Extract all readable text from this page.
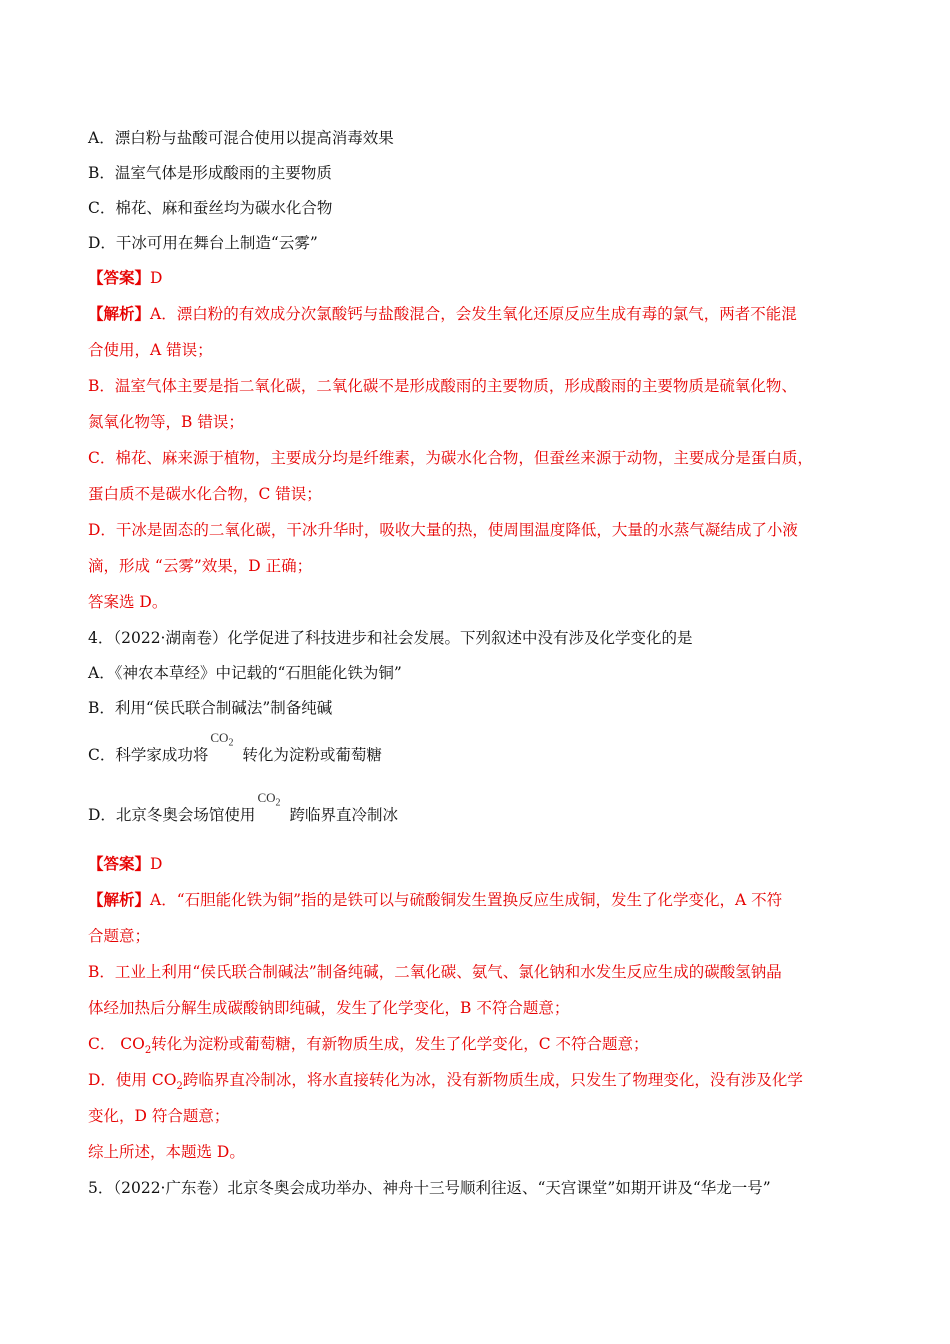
A．漂白粉与盐酸可混合使用以提高消毒效果
B．温室气体是形成酸雨的主要物质
C．棉花、麻和蚕丝均为碳水化合物
D．干冰可用在舞台上制造“云雾”
【答案】D
【解析】A．漂白粉的有效成分次氯酸钙与盐酸混合，会发生氧化还原反应生成有毒的氯气，两者不能混
合使用，A 错误；
B．温室气体主要是指二氧化碳，二氧化碳不是形成酸雨的主要物质，形成酸雨的主要物质是硫氧化物、
氮氧化物等，B 错误；
C．棉花、麻来源于植物，主要成分均是纤维素，为碳水化合物，但蚕丝来源于动物，主要成分是蛋白质，
蛋白质不是碳水化合物，C 错误；
D．干冰是固态的二氧化碳，干冰升华时，吸收大量的热，使周围温度降低，大量的水蒸气凝结成了小液
滴，形成 “云雾”效果，D 正确；
答案选 D。
4．（2022·湖南卷）化学促进了科技进步和社会发展。下列叙述中没有涉及化学变化的是
A．《神农本草经》中记载的“石胆能化铁为铜”
B．利用“侯氏联合制碱法”制备纯碱
C．科学家成功将
$CO_2$
转化为淀粉或葡萄糖
D．北京冬奥会场馆使用
$CO_2$
跨临界直冷制冰
【答案】D
【解析】A．“石胆能化铁为铜”指的是铁可以与硫酸铜发生置换反应生成铜，发生了化学变化，A 不符
合题意；
B．工业上利用“侯氏联合制碱法”制备纯碱，二氧化碳、氨气、氯化钠和水发生反应生成的碳酸氢钠晶
体经加热后分解生成碳酸钠即纯碱，发生了化学变化，B 不符合题意；
C． $CO_2$转化为淀粉或葡萄糖，有新物质生成，发生了化学变化，C 不符合题意；
D．使用 $CO_2$跨临界直冷制冰，将水直接转化为冰，没有新物质生成，只发生了物理变化，没有涉及化学
变化，D 符合题意；
综上所述，本题选 D。
5．（2022·广东卷）北京冬奥会成功举办、神舟十三号顺利往返、“天宫课堂”如期开讲及“华龙一号”
